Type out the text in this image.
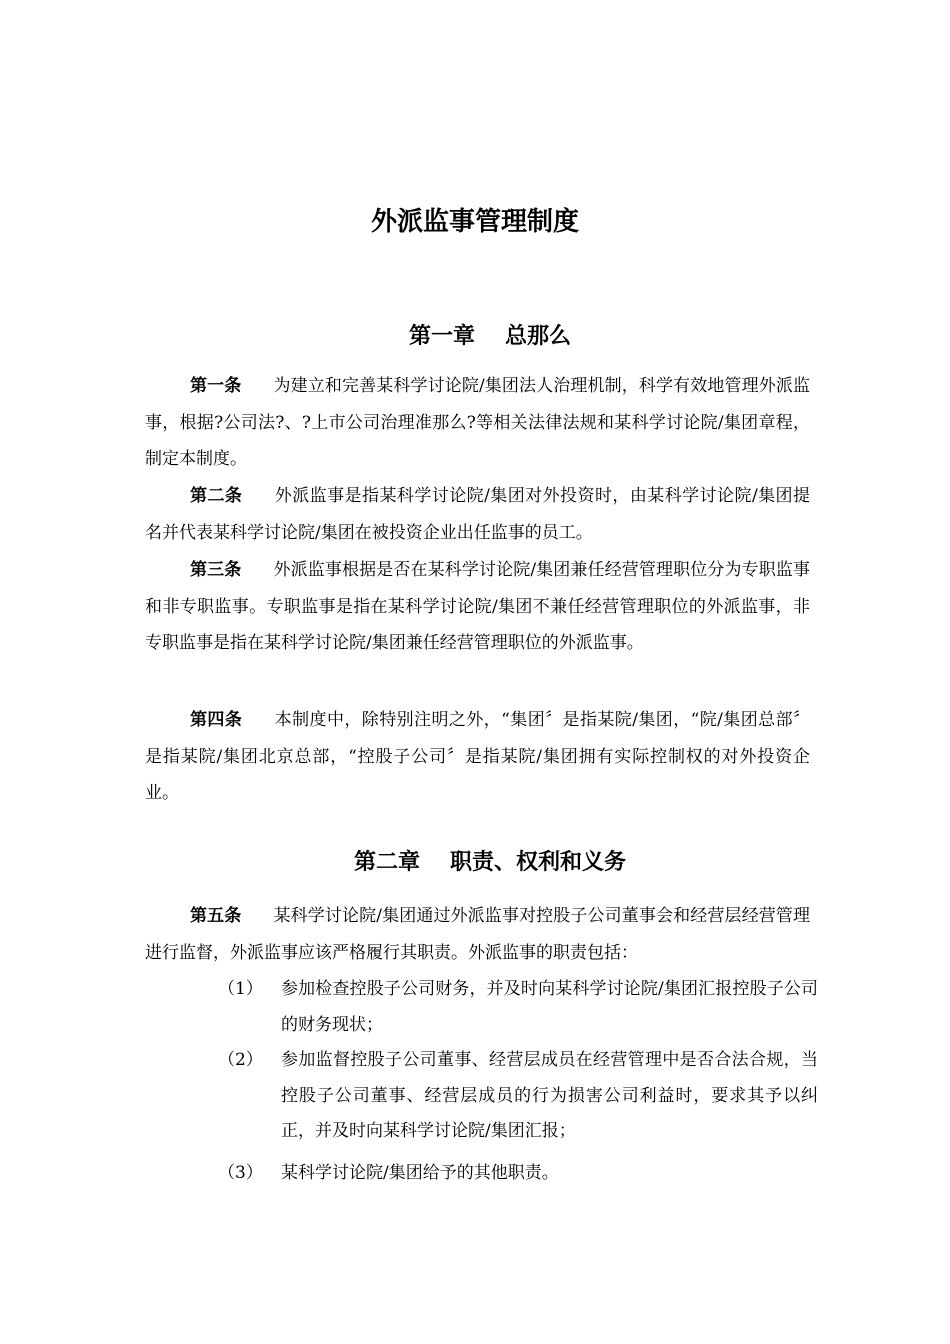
外派监事管理制度
第一章 总那么
第一条 为建立和完善某科学讨论院/集团法人治理机制，科学有效地管理外派监事，根据?公司法?、?上市公司治理准那么?等相关法律法规和某科学讨论院/集团章程，制定本制度。
第二条 外派监事是指某科学讨论院/集团对外投资时，由某科学讨论院/集团提名并代表某科学讨论院/集团在被投资企业出任监事的员工。
第三条 外派监事根据是否在某科学讨论院/集团兼任经营管理职位分为专职监事和非专职监事。专职监事是指在某科学讨论院/集团不兼任经营管理职位的外派监事，非专职监事是指在某科学讨论院/集团兼任经营管理职位的外派监事。
第四条 本制度中，除特别注明之外，“集团〞是指某院/集团，“院/集团总部〞是指某院/集团北京总部，“控股子公司〞是指某院/集团拥有实际控制权的对外投资企业。
第二章 职责、权利和义务
第五条 某科学讨论院/集团通过外派监事对控股子公司董事会和经营层经营管理进行监督，外派监事应该严格履行其职责。外派监事的职责包括：
（1）	参加检查控股子公司财务，并及时向某科学讨论院/集团汇报控股子公司的财务现状；
（2）	参加监督控股子公司董事、经营层成员在经营管理中是否合法合规，当控股子公司董事、经营层成员的行为损害公司利益时，要求其予以纠正，并及时向某科学讨论院/集团汇报；
（3）	某科学讨论院/集团给予的其他职责。
